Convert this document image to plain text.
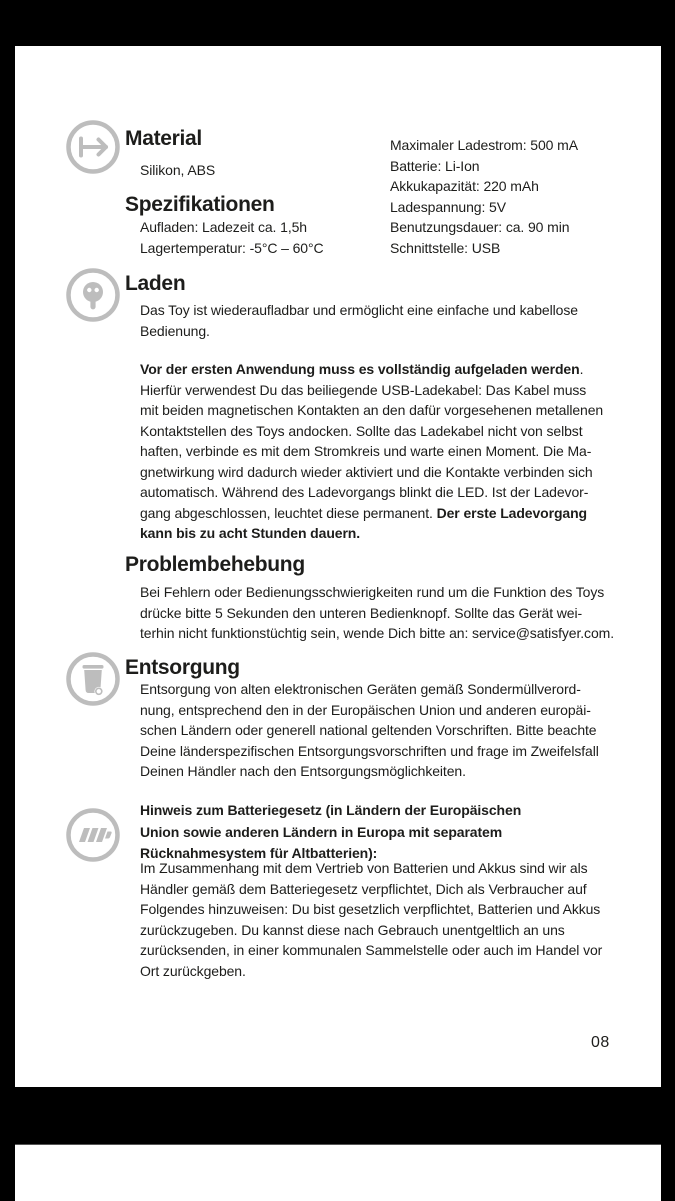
Material
Silikon, ABS
Spezifikationen
Aufladen: Ladezeit ca. 1,5h
Lagertemperatur: -5°C – 60°C
Maximaler Ladestrom: 500 mA
Batterie: Li-Ion
Akkukapazität: 220 mAh
Ladespannung: 5V
Benutzungsdauer: ca. 90 min
Schnittstelle: USB
Laden
Das Toy ist wiederaufladbar und ermöglicht eine einfache und kabellose
Bedienung.
Vor der ersten Anwendung muss es vollständig aufgeladen werden.
Hierfür verwendest Du das beiliegende USB-Ladekabel: Das Kabel muss
mit beiden magnetischen Kontakten an den dafür vorgesehenen metallenen
Kontaktstellen des Toys andocken. Sollte das Ladekabel nicht von selbst
haften, verbinde es mit dem Stromkreis und warte einen Moment. Die Ma-
gnetwirkung wird dadurch wieder aktiviert und die Kontakte verbinden sich
automatisch. Während des Ladevorgangs blinkt die LED. Ist der Ladevor-
gang abgeschlossen, leuchtet diese permanent. Der erste Ladevorgang
kann bis zu acht Stunden dauern.
Problembehebung
Bei Fehlern oder Bedienungsschwierigkeiten rund um die Funktion des Toys
drücke bitte 5 Sekunden den unteren Bedienknopf. Sollte das Gerät wei-
terhin nicht funktionstüchtig sein, wende Dich bitte an: service@satisfyer.com.
Entsorgung
Entsorgung von alten elektronischen Geräten gemäß Sondermüllverord-
nung, entsprechend den in der Europäischen Union und anderen europäi-
schen Ländern oder generell national geltenden Vorschriften. Bitte beachte
Deine länderspezifischen Entsorgungsvorschriften und frage im Zweifelsfall
Deinen Händler nach den Entsorgungsmöglichkeiten.
Hinweis zum Batteriegesetz (in Ländern der Europäischen
Union sowie anderen Ländern in Europa mit separatem
Rücknahmesystem für Altbatterien):
Im Zusammenhang mit dem Vertrieb von Batterien und Akkus sind wir als
Händler gemäß dem Batteriegesetz verpflichtet, Dich als Verbraucher auf
Folgendes hinzuweisen: Du bist gesetzlich verpflichtet, Batterien und Akkus
zurückzugeben. Du kannst diese nach Gebrauch unentgeltlich an uns
zurücksenden, in einer kommunalen Sammelstelle oder auch im Handel vor
Ort zurückgeben.
08
